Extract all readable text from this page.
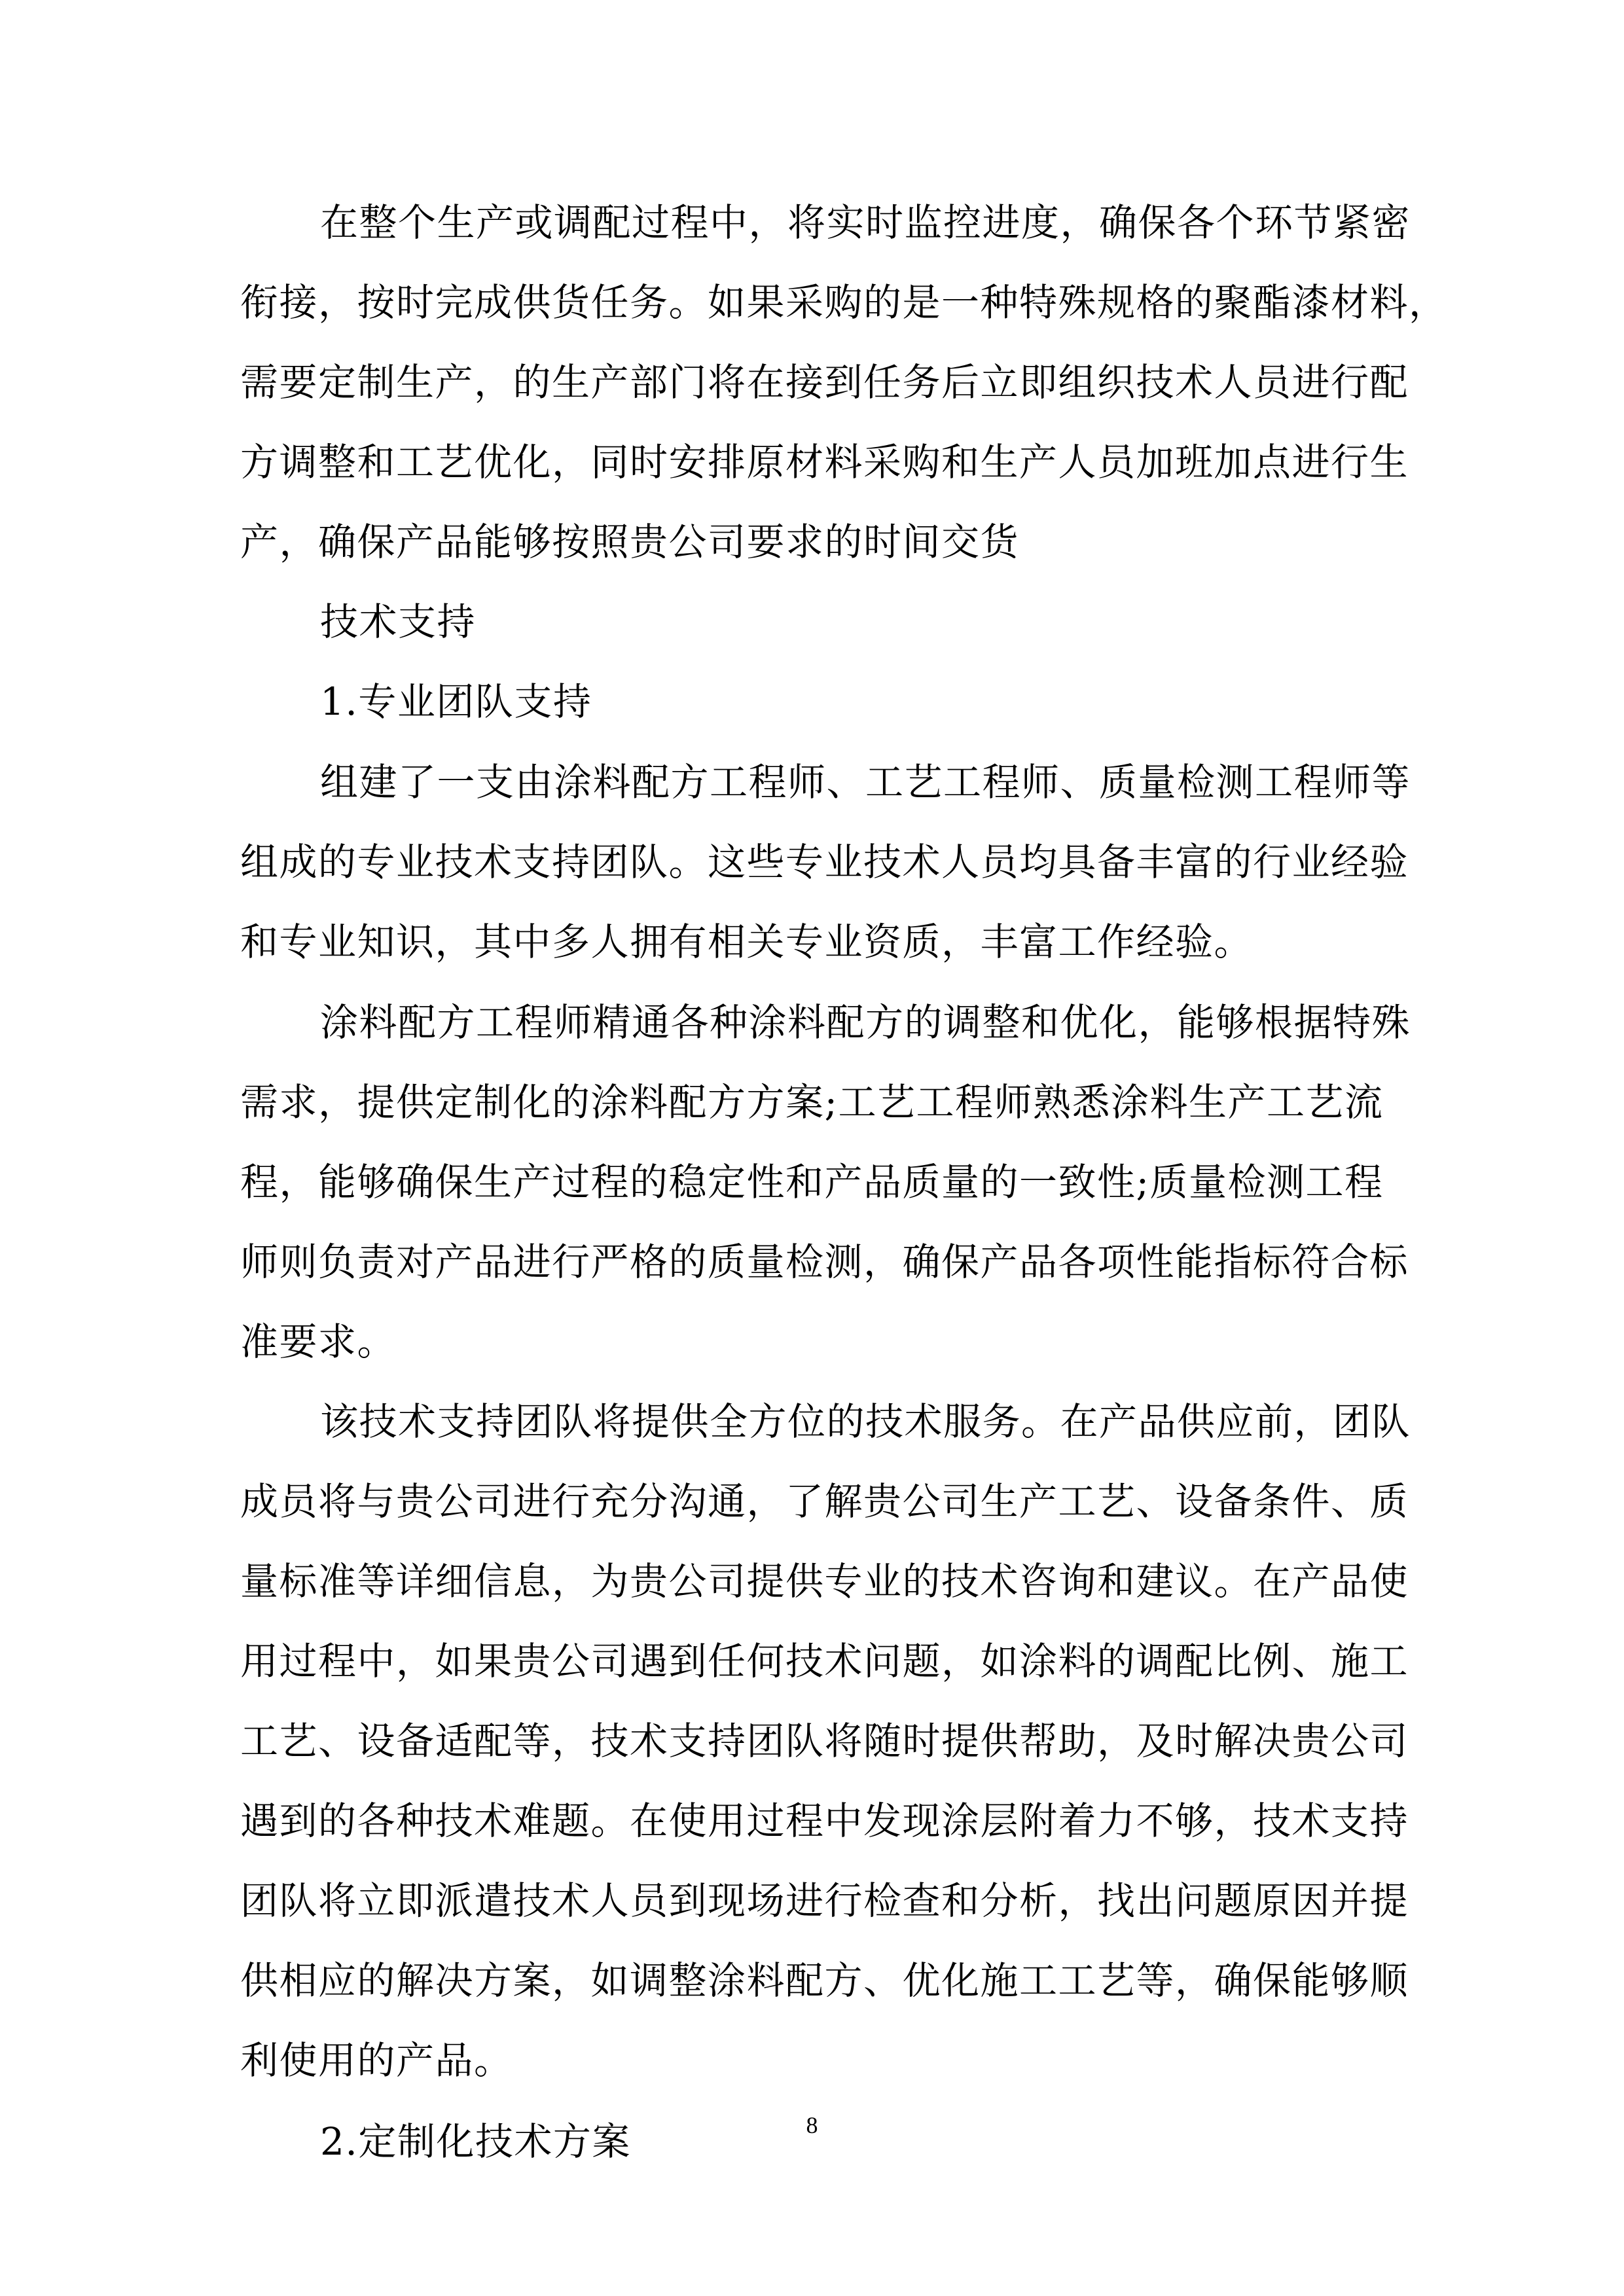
在整个生产或调配过程中，将实时监控进度，确保各个环节紧密
衔接，按时完成供货任务。如果采购的是一种特殊规格的聚酯漆材料，
需要定制生产，的生产部门将在接到任务后立即组织技术人员进行配
方调整和工艺优化，同时安排原材料采购和生产人员加班加点进行生
产，确保产品能够按照贵公司要求的时间交货
技术支持
1.专业团队支持
组建了一支由涂料配方工程师、工艺工程师、质量检测工程师等
组成的专业技术支持团队。这些专业技术人员均具备丰富的行业经验
和专业知识，其中多人拥有相关专业资质，丰富工作经验。
涂料配方工程师精通各种涂料配方的调整和优化，能够根据特殊
需求，提供定制化的涂料配方方案;工艺工程师熟悉涂料生产工艺流
程，能够确保生产过程的稳定性和产品质量的一致性;质量检测工程
师则负责对产品进行严格的质量检测，确保产品各项性能指标符合标
准要求。
该技术支持团队将提供全方位的技术服务。在产品供应前，团队
成员将与贵公司进行充分沟通，了解贵公司生产工艺、设备条件、质
量标准等详细信息，为贵公司提供专业的技术咨询和建议。在产品使
用过程中，如果贵公司遇到任何技术问题，如涂料的调配比例、施工
工艺、设备适配等，技术支持团队将随时提供帮助，及时解决贵公司
遇到的各种技术难题。在使用过程中发现涂层附着力不够，技术支持
团队将立即派遣技术人员到现场进行检查和分析，找出问题原因并提
供相应的解决方案，如调整涂料配方、优化施工工艺等，确保能够顺
利使用的产品。
2.定制化技术方案	8
